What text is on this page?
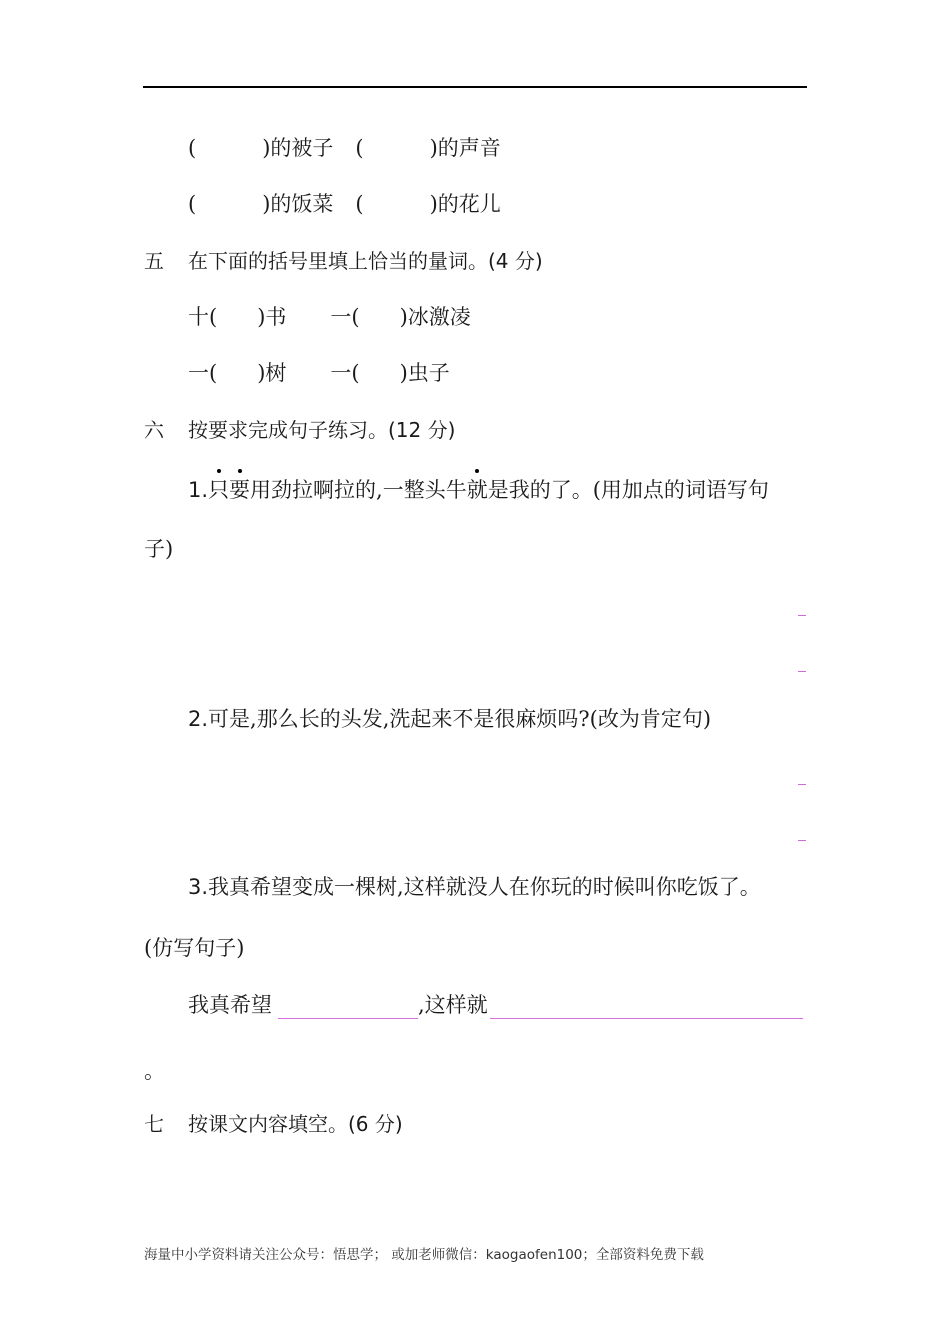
(	)的被子 (	)的声音
(	)的饭菜 (	)的花儿
五 在下面的括号里填上恰当的量词。(4 分)
十( )书 一( )冰激凌
一( )树 一( )虫子
六 按要求完成句子练习。(12 分)
1.只要用劲拉啊拉的,一整头牛就是我的了。(用加点的词语写句
子)
2.可是,那么长的头发,洗起来不是很麻烦吗?(改为肯定句)
3.我真希望变成一棵树,这样就没人在你玩的时候叫你吃饭了。
(仿写句子)
我真希望	,这样就
。
七 按课文内容填空。(6 分)
海量中小学资料请关注公众号：悟思学； 或加老师微信：kaogaofen100；全部资料免费下载
